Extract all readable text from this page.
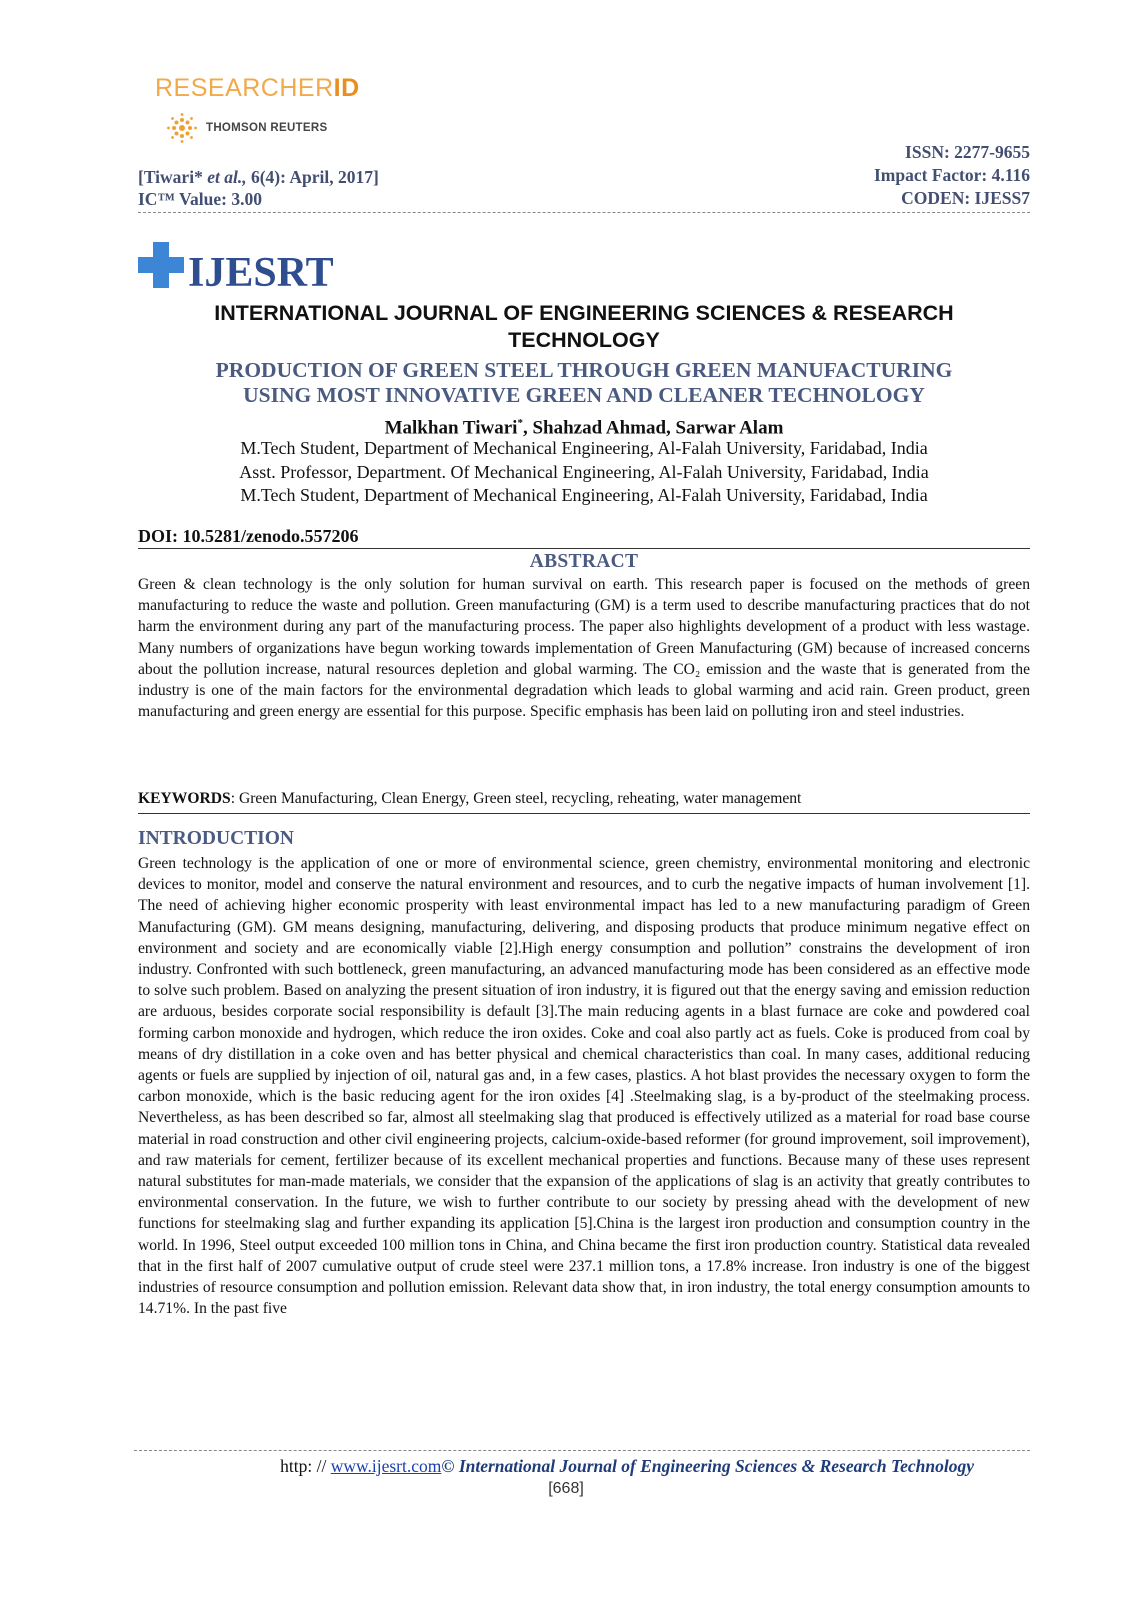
RESEARCHERID
THOMSON REUTERS
[Tiwari* et al., 6(4): April, 2017]
IC™ Value: 3.00
ISSN: 2277-9655
Impact Factor: 4.116
CODEN: IJESS7
IJESRT
INTERNATIONAL JOURNAL OF ENGINEERING SCIENCES & RESEARCH TECHNOLOGY
PRODUCTION OF GREEN STEEL THROUGH GREEN MANUFACTURING
USING MOST INNOVATIVE GREEN AND CLEANER TECHNOLOGY
Malkhan Tiwari*, Shahzad Ahmad, Sarwar Alam
M.Tech Student, Department of Mechanical Engineering, Al-Falah University, Faridabad, India
Asst. Professor, Department. Of Mechanical Engineering, Al-Falah University, Faridabad, India
M.Tech Student, Department of Mechanical Engineering, Al-Falah University, Faridabad, India
DOI: 10.5281/zenodo.557206
ABSTRACT

Green & clean technology is the only solution for human survival on earth. This research paper is focused on the methods of green manufacturing to reduce the waste and pollution. Green manufacturing (GM) is a term used to describe manufacturing practices that do not harm the environment during any part of the manufacturing process. The paper also highlights development of a product with less wastage. Many numbers of organizations have begun working towards implementation of Green Manufacturing (GM) because of increased concerns about the pollution increase, natural resources depletion and global warming. The CO₂ emission and the waste that is generated from the industry is one of the main factors for the environmental degradation which leads to global warming and acid rain. Green product, green manufacturing and green energy are essential for this purpose. Specific emphasis has been laid on polluting iron and steel industries.

KEYWORDS: Green Manufacturing, Clean Energy, Green steel, recycling, reheating, water management
INTRODUCTION

Green technology is the application of one or more of environmental science, green chemistry, environmental monitoring and electronic devices to monitor, model and conserve the natural environment and resources, and to curb the negative impacts of human involvement [1]. The need of achieving higher economic prosperity with least environmental impact has led to a new manufacturing paradigm of Green Manufacturing (GM). GM means designing, manufacturing, delivering, and disposing products that produce minimum negative effect on environment and society and are economically viable [2].High energy consumption and pollution” constrains the development of iron industry. Confronted with such bottleneck, green manufacturing, an advanced manufacturing mode has been considered as an effective mode to solve such problem. Based on analyzing the present situation of iron industry, it is figured out that the energy saving and emission reduction are arduous, besides corporate social responsibility is default [3].The main reducing agents in a blast furnace are coke and powdered coal forming carbon monoxide and hydrogen, which reduce the iron oxides. Coke and coal also partly act as fuels. Coke is produced from coal by means of dry distillation in a coke oven and has better physical and chemical characteristics than coal. In many cases, additional reducing agents or fuels are supplied by injection of oil, natural gas and, in a few cases, plastics. A hot blast provides the necessary oxygen to form the carbon monoxide, which is the basic reducing agent for the iron oxides [4] .Steelmaking slag, is a by-product of the steelmaking process. Nevertheless, as has been described so far, almost all steelmaking slag that produced is effectively utilized as a material for road base course material in road construction and other civil engineering projects, calcium-oxide-based reformer (for ground improvement, soil improvement), and raw materials for cement, fertilizer because of its excellent mechanical properties and functions. Because many of these uses represent natural substitutes for man-made materials, we consider that the expansion of the applications of slag is an activity that greatly contributes to environmental conservation. In the future, we wish to further contribute to our society by pressing ahead with the development of new functions for steelmaking slag and further expanding its application [5].China is the largest iron production and consumption country in the world. In 1996, Steel output exceeded 100 million tons in China, and China became the first iron production country. Statistical data revealed that in the first half of 2007 cumulative output of crude steel were 237.1 million tons, a 17.8% increase. Iron industry is one of the biggest industries of resource consumption and pollution emission. Relevant data show that, in iron industry, the total energy consumption amounts to 14.71%. In the past five

http: // www.ijesrt.com© International Journal of Engineering Sciences & Research Technology
[668]
